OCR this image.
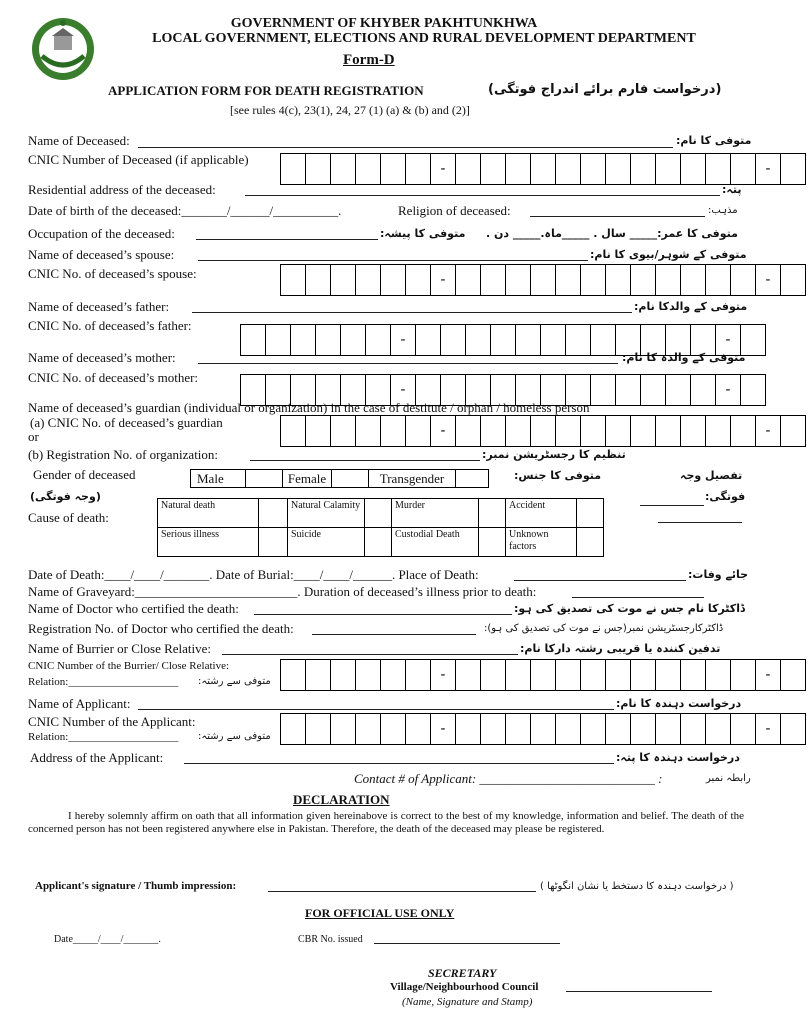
GOVERNMENT OF KHYBER PAKHTUNKHWA
LOCAL GOVERNMENT, ELECTIONS AND RURAL DEVELOPMENT DEPARTMENT
Form-D
APPLICATION FORM FOR DEATH REGISTRATION	(درخواست فارم برائے اندراج فوتگی)
[see rules 4(c), 23(1), 24, 27 (1) (a) & (b) and (2)]
Name of Deceased:	متوفی کا نام:
CNIC Number of Deceased (if applicable)
-	-
Residential address of the deceased:	پتہ:
Date of birth of the deceased:_______/______/__________.	Religion of deceased:	مذہب:
Occupation of the deceased:	متوفی کا پیشہ: متوفی کا عمر:_____ سال . _____ماہ._____ دن .
Name of deceased’s spouse:	متوفی کے شوہر/بیوی کا نام:
CNIC No. of deceased’s spouse:	-	-
Name of deceased’s father:	متوفی کے والدکا نام:
CNIC No. of deceased’s father:
-	-
Name of deceased’s mother:	متوفی کے والدہ کا نام:
CNIC No. of deceased’s mother:
-	-
Name of deceased’s guardian (individual or organization) in the case of destitute / orphan / homeless person
(a) CNIC No. of deceased’s guardian
or	-	-
(b) Registration No. of organization:	تنظیم کا رجسٹریشن نمبر:
Gender of deceased	Male	Female	Transgender	متوفی کا جنس:	تفصیل وجہ
فوتگی:
(وجہ فوتگی)
Cause of death:
Natural death		Natural Calamity		Murder		Accident	
Serious illness		Suicide		Custodial Death		Unknown factors	
Date of Death:____/____/_______. Date of Burial:____/____/______. Place of Death:	جائے وفات:
Name of Graveyard:_________________________. Duration of deceased’s illness prior to death:
Name of Doctor who certified the death:	ڈاکٹرکا نام جس نے موت کی تصدیق کی ہو:
Registration No. of Doctor who certified the death:	ڈاکٹرکارجسٹریشن نمبر(جس نے موت کی تصدیق کی ہو):
Name of Burrier or Close Relative:	تدفین کنندہ یا قریبی رشتہ دارکا نام:
CNIC Number of the Burrier/ Close Relative:
Relation:____________________ متوفی سے رشتہ:	-	-
Name of Applicant:	درخواست دہندہ کا نام:
CNIC Number of the Applicant:
Relation:____________________ متوفی سے رشتہ:
-	-
Address of the Applicant:	درخواست دہندہ کا پتہ:
Contact # of Applicant: ___________________________ :	رابطہ نمبر
DECLARATION
I hereby solemnly affirm on oath that all information given hereinabove is correct to the best of my knowledge, information and belief. The death of the concerned person has not been registered anywhere else in Pakistan. Therefore, the death of the deceased may please be registered.
Applicant's signature / Thumb impression:	( درخواست دہندہ کا دستخط یا نشان انگوٹھا )
FOR OFFICIAL USE ONLY
Date_____/____/_______.	CBR No. issued
SECRETARY
Village/Neighbourhood Council
(Name, Signature and Stamp)
